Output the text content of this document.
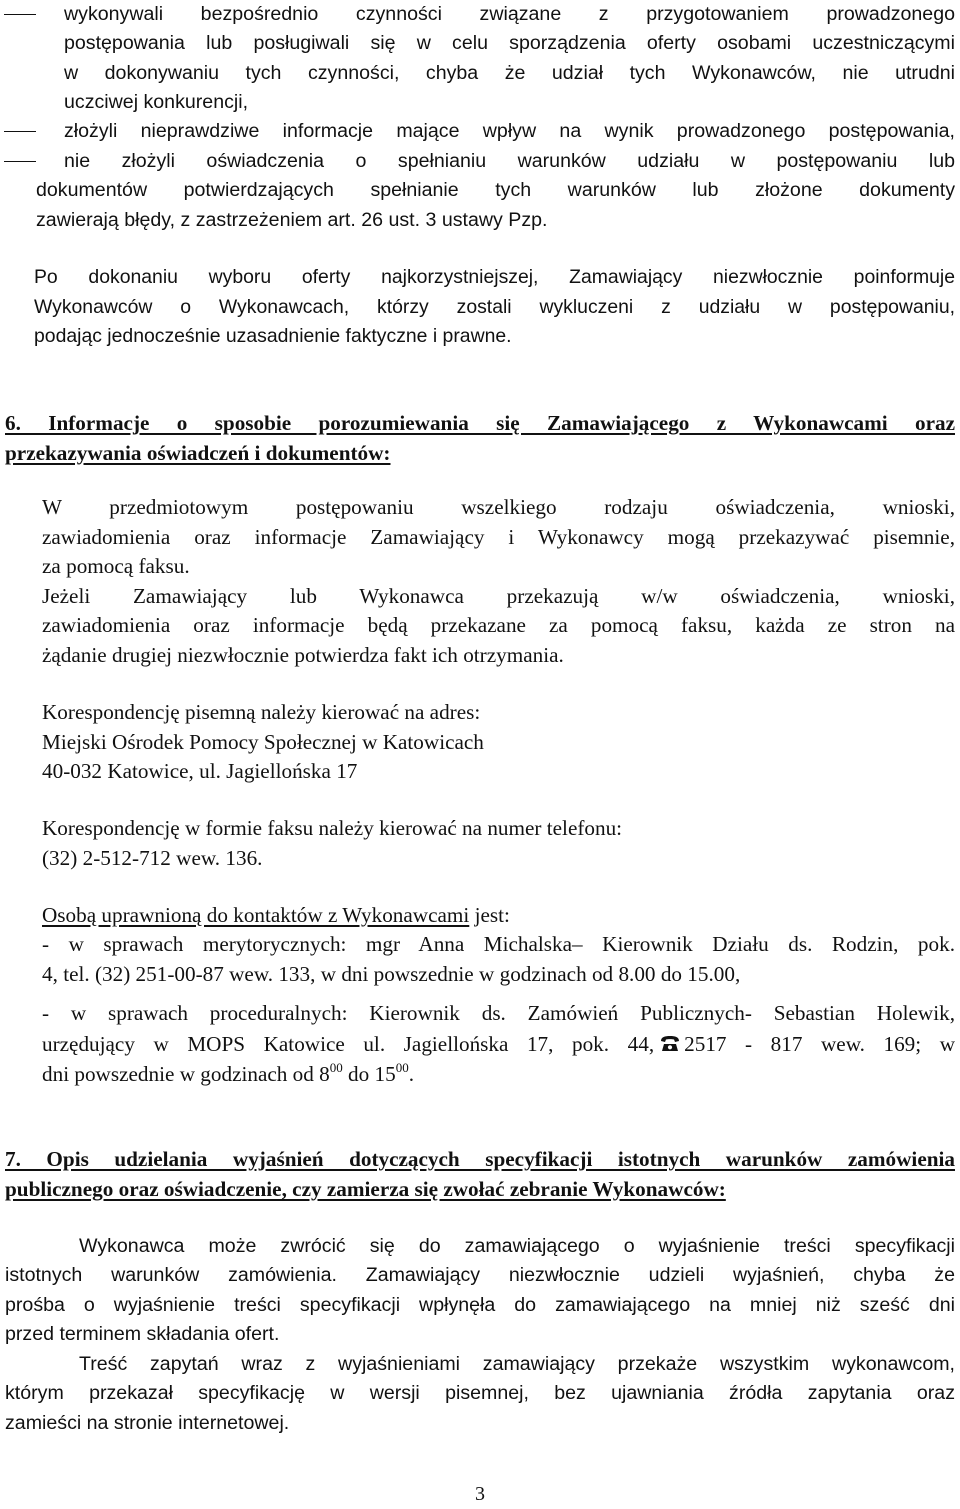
wykonywali bezpośrednio czynności związane z przygotowaniem prowadzonego
postępowania lub posługiwali się w celu sporządzenia oferty osobami uczestniczącymi
w dokonywaniu tych czynności, chyba że udział tych Wykonawców, nie utrudni
uczciwej konkurencji,
złożyli nieprawdziwe informacje mające wpływ na wynik prowadzonego postępowania,
nie złożyli oświadczenia o spełnianiu warunków udziału w postępowaniu lub
dokumentów potwierdzających spełnianie tych warunków lub złożone dokumenty
zawierają błędy, z zastrzeżeniem art. 26 ust. 3 ustawy Pzp.
Po dokonaniu wyboru oferty najkorzystniejszej, Zamawiający niezwłocznie poinformuje
Wykonawców o Wykonawcach, którzy zostali wykluczeni z udziału w postępowaniu,
podając jednocześnie uzasadnienie faktyczne i prawne.
6. Informacje o sposobie porozumiewania się Zamawiającego z Wykonawcami oraz
przekazywania oświadczeń i dokumentów:
W przedmiotowym postępowaniu wszelkiego rodzaju oświadczenia, wnioski,
zawiadomienia oraz informacje Zamawiający i Wykonawcy mogą przekazywać pisemnie,
za pomocą faksu.
Jeżeli Zamawiający lub Wykonawca przekazują w/w oświadczenia, wnioski,
zawiadomienia oraz informacje będą przekazane za pomocą faksu, każda ze stron na
żądanie drugiej niezwłocznie potwierdza fakt ich otrzymania.
Korespondencję pisemną należy kierować na adres:
Miejski Ośrodek Pomocy Społecznej w Katowicach
40-032 Katowice, ul. Jagiellońska 17
Korespondencję w formie faksu należy kierować na numer telefonu:
(32) 2-512-712 wew. 136.
Osobą uprawnioną do kontaktów z Wykonawcami jest:
- w sprawach merytorycznych: mgr Anna Michalska– Kierownik Działu ds. Rodzin, pok.
4, tel. (32) 251-00-87 wew. 133, w dni powszednie w godzinach od 8.00 do 15.00,
- w sprawach proceduralnych: Kierownik ds. Zamówień Publicznych- Sebastian Holewik,
urzędujący w MOPS Katowice ul. Jagiellońska 17, pok. 44, 2517 - 817 wew. 169; w
dni powszednie w godzinach od $8^{00}$ do $15^{00}$.
7. Opis udzielania wyjaśnień dotyczących specyfikacji istotnych warunków zamówienia
publicznego oraz oświadczenie, czy zamierza się zwołać zebranie Wykonawców:
Wykonawca może zwrócić się do zamawiającego o wyjaśnienie treści specyfikacji
istotnych warunków zamówienia. Zamawiający niezwłocznie udzieli wyjaśnień, chyba że
prośba o wyjaśnienie treści specyfikacji wpłynęła do zamawiającego na mniej niż sześć dni
przed terminem składania ofert.
Treść zapytań wraz z wyjaśnieniami zamawiający przekaże wszystkim wykonawcom,
którym przekazał specyfikację w wersji pisemnej, bez ujawniania źródła zapytania oraz
zamieści na stronie internetowej.
3
